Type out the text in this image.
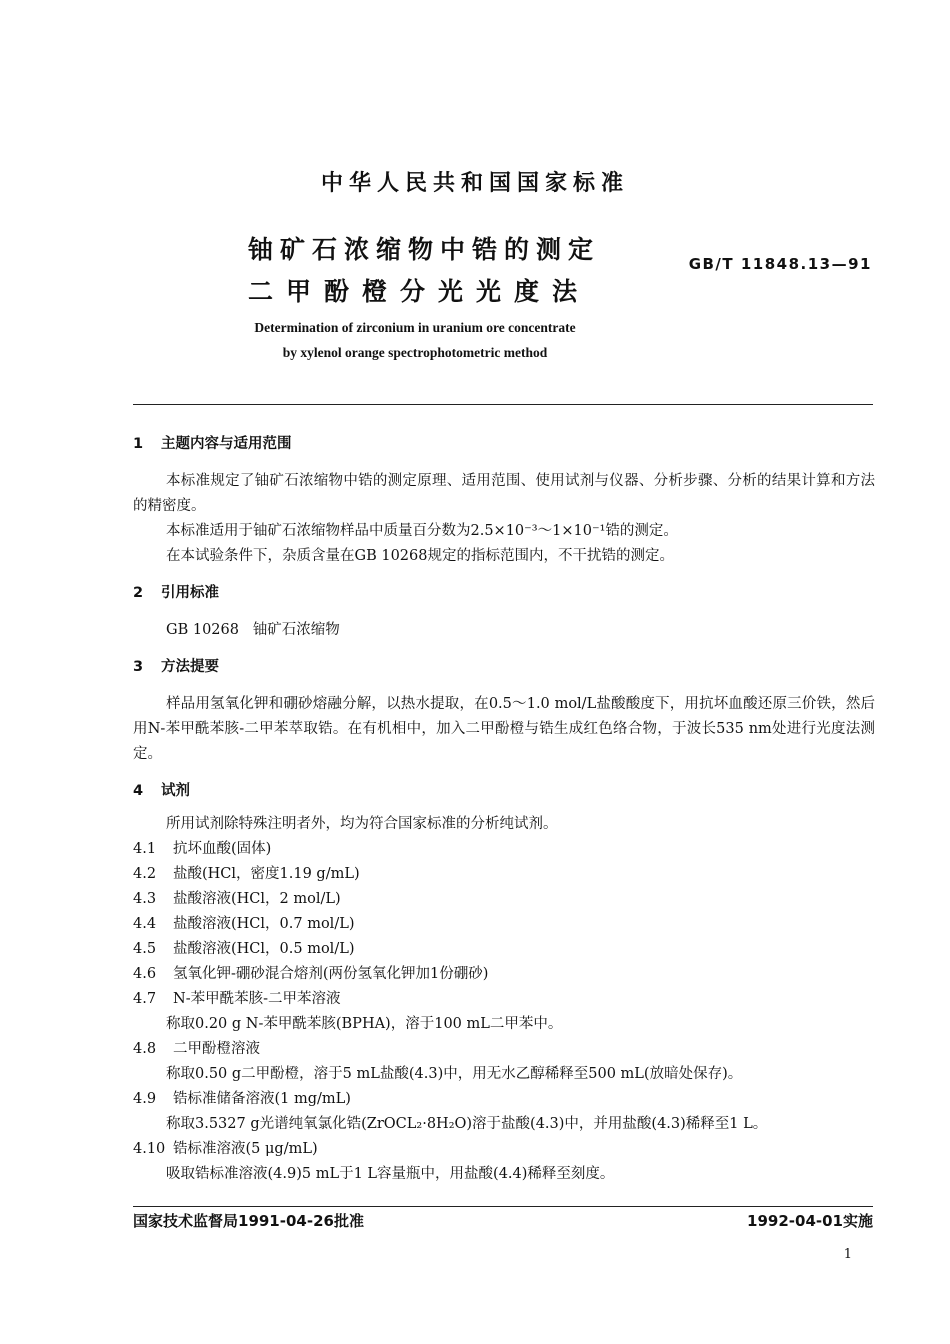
中华人民共和国国家标准
铀矿石浓缩物中锆的测定
二甲酚橙分光光度法
GB/T 11848.13—91
Determination of zirconium in uranium ore concentrate
by xylenol orange spectrophotometric method

1 主题内容与适用范围

本标准规定了铀矿石浓缩物中锆的测定原理、适用范围、使用试剂与仪器、分析步骤、分析的结果计算和方法的精密度。

本标准适用于铀矿石浓缩物样品中质量百分数为2.5×10⁻³～1×10⁻¹锆的测定。

在本试验条件下，杂质含量在GB 10268规定的指标范围内，不干扰锆的测定。

2 引用标准

GB 10268 铀矿石浓缩物

3 方法提要

样品用氢氧化钾和硼砂熔融分解，以热水提取，在0.5～1.0 mol/L盐酸酸度下，用抗坏血酸还原三价铁，然后用N-苯甲酰苯胲-二甲苯萃取锆。在有机相中，加入二甲酚橙与锆生成红色络合物，于波长535 nm处进行光度法测定。

4 试剂

所用试剂除特殊注明者外，均为符合国家标准的分析纯试剂。

4.1 抗坏血酸(固体)

4.2 盐酸(HCl，密度1.19 g/mL)

4.3 盐酸溶液(HCl，2 mol/L)

4.4 盐酸溶液(HCl，0.7 mol/L)

4.5 盐酸溶液(HCl，0.5 mol/L)

4.6 氢氧化钾-硼砂混合熔剂(两份氢氧化钾加1份硼砂)

4.7 N-苯甲酰苯胲-二甲苯溶液

称取0.20 g N-苯甲酰苯胲(BPHA)，溶于100 mL二甲苯中。

4.8 二甲酚橙溶液

称取0.50 g二甲酚橙，溶于5 mL盐酸(4.3)中，用无水乙醇稀释至500 mL(放暗处保存)。

4.9 锆标准储备溶液(1 mg/mL)

称取3.5327 g光谱纯氧氯化锆(ZrOCL₂·8H₂O)溶于盐酸(4.3)中，并用盐酸(4.3)稀释至1 L。

4.10 锆标准溶液(5 μg/mL)

吸取锆标准溶液(4.9)5 mL于1 L容量瓶中，用盐酸(4.4)稀释至刻度。

国家技术监督局1991-04-26批准	1992-04-01实施
1
